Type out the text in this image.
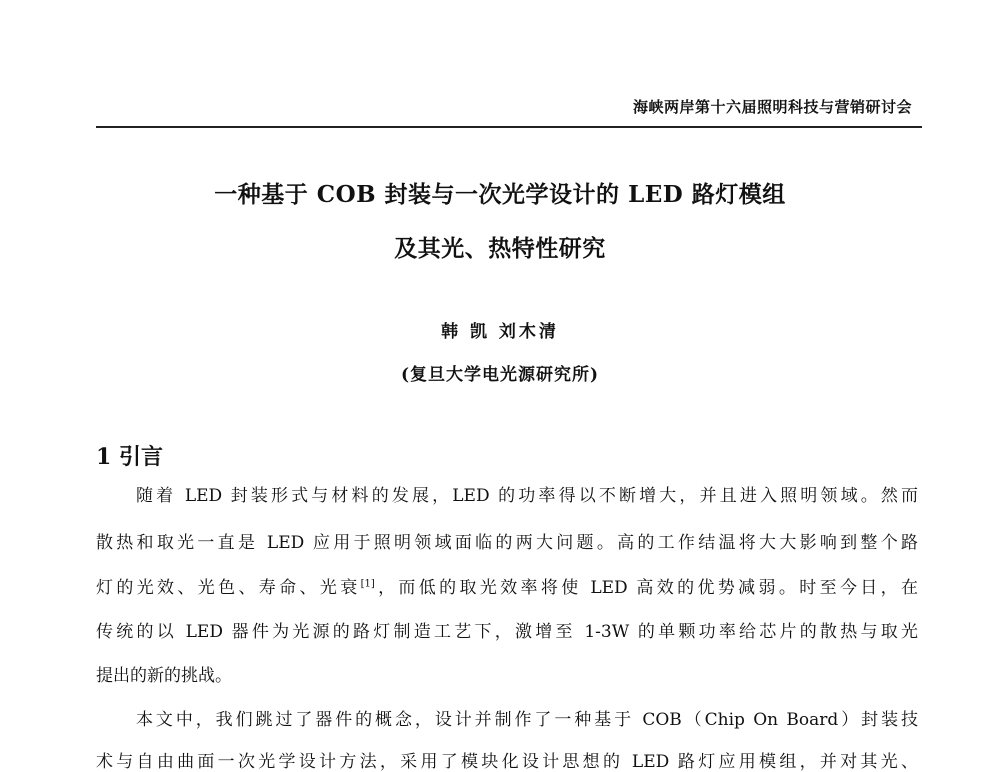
海峡两岸第十六届照明科技与营销研讨会
一种基于 COB 封装与一次光学设计的 LED 路灯模组
及其光、热特性研究
韩 凯 刘木清
(复旦大学电光源研究所)
1 引言
随着 LED 封装形式与材料的发展，LED 的功率得以不断增大，并且进入照明领域。然而
散热和取光一直是 LED 应用于照明领域面临的两大问题。高的工作结温将大大影响到整个路
灯的光效、光色、寿命、光衰[1]，而低的取光效率将使 LED 高效的优势减弱。时至今日，在
传统的以 LED 器件为光源的路灯制造工艺下，激增至 1-3W 的单颗功率给芯片的散热与取光
提出的新的挑战。
本文中，我们跳过了器件的概念，设计并制作了一种基于 COB（Chip On Board）封装技
术与自由曲面一次光学设计方法，采用了模块化设计思想的 LED 路灯应用模组，并对其光、
